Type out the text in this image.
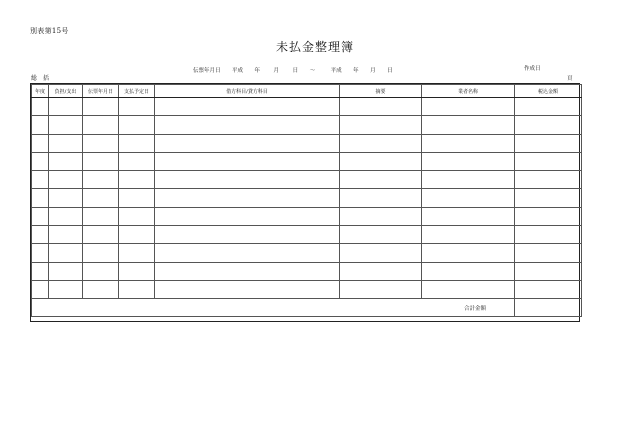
別表第15号
未払金整理簿
伝票年月日 平成 年 月 日 ～	平成 年 月 日	作成日
総　括	頁
年度	負担/支出	伝票年月日	支払予定日	借方科目/貸方科目	摘要	業者名称	税込金額

合計金額							
